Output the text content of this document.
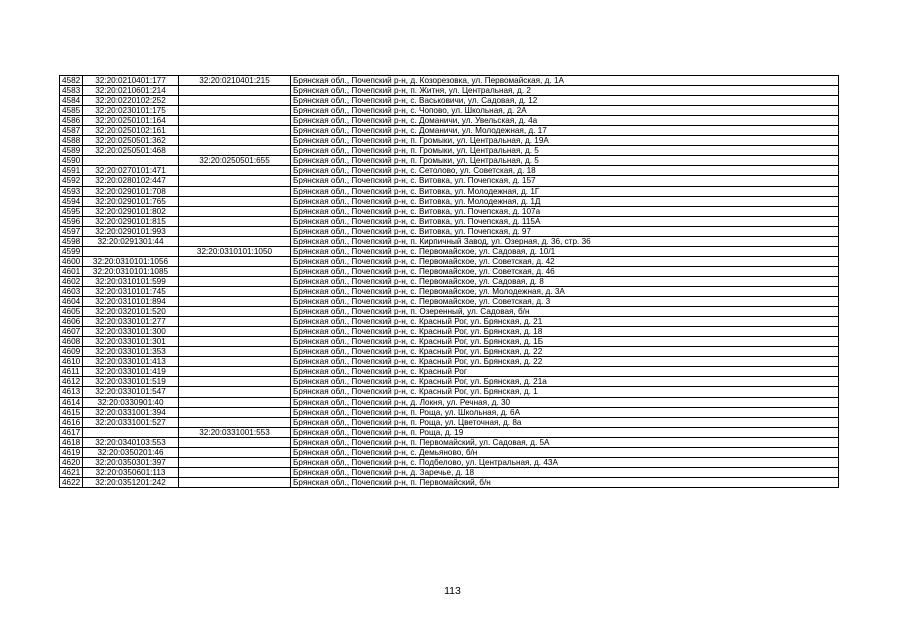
4582	32:20:0210401:177	32:20:0210401:215	Брянская обл., Почепский р-н, д. Козорезовка, ул. Первомайская, д. 1А
4583	32:20:0210601:214		Брянская обл., Почепский р-н, п. Житня, ул. Центральная, д. 2
4584	32:20:0220102:252		Брянская обл., Почепский р-н, с. Васьковичи, ул. Садовая, д. 12
4585	32:20:0230101:175		Брянская обл., Почепский р-н, с. Чопово, ул. Школьная, д. 2А
4586	32:20:0250101:164		Брянская обл., Почепский р-н, с. Доманичи, ул. Увельская, д. 4а
4587	32:20:0250102:161		Брянская обл., Почепский р-н, с. Доманичи, ул. Молодежная, д. 17
4588	32:20:0250501:362		Брянская обл., Почепский р-н, п. Громыки, ул. Центральная, д. 19А
4589	32:20:0250501:468		Брянская обл., Почепский р-н, п. Громыки, ул. Центральная, д. 5
4590		32:20:0250501:655	Брянская обл., Почепский р-н, п. Громыки, ул. Центральная, д. 5
4591	32:20:0270101:471		Брянская обл., Почепский р-н, с. Сетолово, ул. Советская, д. 18
4592	32:20:0280102:447		Брянская обл., Почепский р-н, с. Витовка, ул. Почепская, д. 157
4593	32:20:0290101:708		Брянская обл., Почепский р-н, с. Витовка, ул. Молодежная, д. 1Г
4594	32:20:0290101:765		Брянская обл., Почепский р-н, с. Витовка, ул. Молодежная, д. 1Д
4595	32:20:0290101:802		Брянская обл., Почепский р-н, с. Витовка, ул. Почепская, д. 107а
4596	32:20:0290101:815		Брянская обл., Почепский р-н, с. Витовка, ул. Почепская, д. 115А
4597	32:20:0290101:993		Брянская обл., Почепский р-н, с. Витовка, ул. Почепская, д. 97
4598	32:20:0291301:44		Брянская обл., Почепский р-н, п. Кирпичный Завод, ул. Озерная, д. 36, стр. 36
4599		32:20:0310101:1050	Брянская обл., Почепский р-н, с. Первомайское, ул. Садовая, д. 10/1
4600	32:20:0310101:1056		Брянская обл., Почепский р-н, с. Первомайское, ул. Советская, д. 42
4601	32:20:0310101:1085		Брянская обл., Почепский р-н, с. Первомайское, ул. Советская, д. 46
4602	32:20:0310101:599		Брянская обл., Почепский р-н, с. Первомайское, ул. Садовая, д. 8
4603	32:20:0310101:745		Брянская обл., Почепский р-н, с. Первомайское, ул. Молодежная, д. 3А
4604	32:20:0310101:894		Брянская обл., Почепский р-н, с. Первомайское, ул. Советская, д. 3
4605	32:20:0320101:520		Брянская обл., Почепский р-н, п. Озеренный, ул. Садовая, б/н
4606	32:20:0330101:277		Брянская обл., Почепский р-н, с. Красный Рог, ул. Брянская, д. 21
4607	32:20:0330101:300		Брянская обл., Почепский р-н, с. Красный Рог, ул. Брянская, д. 18
4608	32:20:0330101:301		Брянская обл., Почепский р-н, с. Красный Рог, ул. Брянская, д. 1Б
4609	32:20:0330101:353		Брянская обл., Почепский р-н, с. Красный Рог, ул. Брянская, д. 22
4610	32:20:0330101:413		Брянская обл., Почепский р-н, с. Красный Рог, ул. Брянская, д. 22
4611	32:20:0330101:419		Брянская обл., Почепский р-н, с. Красный Рог
4612	32:20:0330101:519		Брянская обл., Почепский р-н, с. Красный Рог, ул. Брянская, д. 21а
4613	32:20:0330101:547		Брянская обл., Почепский р-н, с. Красный Рог, ул. Брянская, д. 1
4614	32:20:0330901:40		Брянская обл., Почепский р-н, д. Локня, ул. Речная, д. 30
4615	32:20:0331001:394		Брянская обл., Почепский р-н, п. Роща, ул. Школьная, д. 6А
4616	32:20:0331001:527		Брянская обл., Почепский р-н, п. Роща, ул. Цветочная, д. 8а
4617		32:20:0331001:553	Брянская обл., Почепский р-н, п. Роща, д. 19
4618	32:20:0340103:553		Брянская обл., Почепский р-н, п. Первомайский, ул. Садовая, д. 5А
4619	32:20:0350201:46		Брянская обл., Почепский р-н, с. Демьяново, б/н
4620	32:20:0350301:397		Брянская обл., Почепский р-н, с. Подбелово, ул. Центральная, д. 43А
4621	32:20:0350601:113		Брянская обл., Почепский р-н, д. Заречье, д. 18
4622	32:20:0351201:242		Брянская обл., Почепский р-н, п. Первомайский, б/н
113
